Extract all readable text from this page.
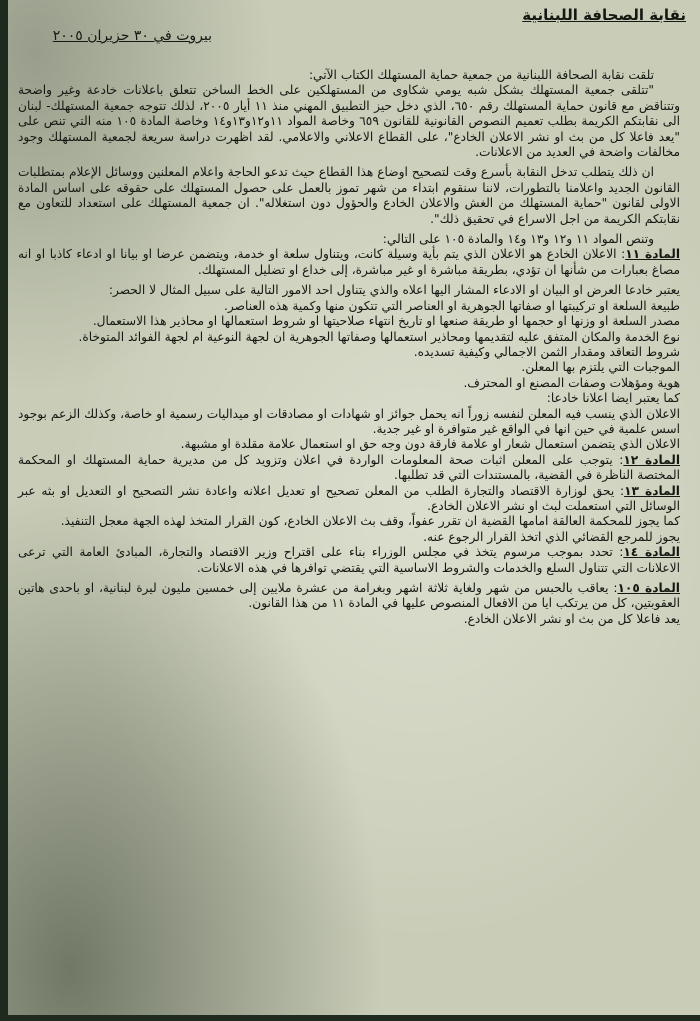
نقابة الصحافة اللبنانية
بيروت في ٣٠ حزيران ٢٠٠٥

تلقت نقابة الصحافة اللبنانية من جمعية حماية المستهلك الكتاب الآتي:

"تتلقى جمعية المستهلك بشكل شبه يومي شكاوى من المستهلكين على الخط الساخن تتعلق باعلانات خادعة وغير واضحة وتتناقض مع قانون حماية المستهلك رقم ٦٥٠، الذي دخل حيز التطبيق المهني منذ ١١ أيار ٢٠٠٥، لذلك تتوجه جمعية المستهلك- لبنان الى نقابتكم الكريمة بطلب تعميم النصوص القانونية للقانون ٦٥٩ وخاصة المواد ١١و١٢و١٣و١٤ وخاصة المادة ١٠٥ منه التي تنص على "يعد فاعلا كل من بث او نشر الاعلان الخادع"، على القطاع الاعلاني والاعلامي. لقد اظهرت دراسة سريعة لجمعية المستهلك وجود مخالفات واضحة في العديد من الاعلانات.

ان ذلك يتطلب تدخل النقابة بأسرع وقت لتصحيح اوضاع هذا القطاع حيث تدعو الحاجة واعلام المعلنين ووسائل الإعلام بمتطلبات القانون الجديد واعلامنا بالتطورات، لاننا سنقوم ابتداء من شهر تموز بالعمل على حصول المستهلك على حقوقه على اساس المادة الاولى لقانون "حماية المستهلك من الغش والاعلان الخادع والحؤول دون استغلاله". ان جمعية المستهلك على استعداد للتعاون مع نقابتكم الكريمة من اجل الاسراع في تحقيق ذلك".

وتنص المواد ١١ و١٢ و١٣ و١٤ والمادة ١٠٥ على التالي:

المادة ١١: الاعلان الخادع هو الاعلان الذي يتم بأية وسيلة كانت، ويتناول سلعة او خدمة، ويتضمن عرضا او بيانا او ادعاء كاذبا او انه مصاغ بعبارات من شأنها ان تؤدي، بطريقة مباشرة او غير مباشرة، إلى خداع او تضليل المستهلك.

يعتبر خادعا العرض او البيان او الادعاء المشار اليها اعلاه والذي يتناول احد الامور التالية على سبيل المثال لا الحصر:

طبيعة السلعة او تركيبتها او صفاتها الجوهرية او العناصر التي تتكون منها وكمية هذه العناصر.

مصدر السلعة او وزنها او حجمها او طريقة صنعها او تاريخ انتهاء صلاحيتها او شروط استعمالها او محاذير هذا الاستعمال.

نوع الخدمة والمكان المتفق عليه لتقديمها ومحاذير استعمالها وصفاتها الجوهرية ان لجهة النوعية ام لجهة الفوائد المتوخاة.

شروط التعاقد ومقدار الثمن الاجمالي وكيفية تسديده.

الموجبات التي يلتزم بها المعلن.

هوية ومؤهلات وصفات المصنع او المحترف.

كما يعتبر ايضا اعلانا خادعا:

الاعلان الذي ينسب فيه المعلن لنفسه زوراً انه يحمل جوائز او شهادات او مصادقات او ميداليات رسمية او خاصة، وكذلك الزعم بوجود اسس علمية في حين انها في الواقع غير متوافرة او غير جدية.

الاعلان الذي يتضمن استعمال شعار او علامة فارقة دون وجه حق او استعمال علامة مقلدة او مشبهة.

المادة ١٢: يتوجب على المعلن اثبات صحة المعلومات الواردة في اعلان وتزويد كل من مديرية حماية المستهلك او المحكمة المختصة الناظرة في القضية، بالمستندات التي قد تطلبها.

المادة ١٣: يحق لوزارة الاقتصاد والتجارة الطلب من المعلن تصحيح او تعديل اعلانه واعادة نشر التصحيح او التعديل او بثه عبر الوسائل التي استعملت لبث او نشر الاعلان الخادع.

كما يجوز للمحكمة العالقة امامها القضية ان تقرر عفواً، وقف بث الاعلان الخادع، كون القرار المتخذ لهذه الجهة معجل التنفيذ.

يجوز للمرجع القضائي الذي اتخذ القرار الرجوع عنه.

المادة ١٤: تحدد بموجب مرسوم يتخذ في مجلس الوزراء بناء على اقتراح وزير الاقتصاد والتجارة، المبادئ العامة التي ترعى الاعلانات التي تتناول السلع والخدمات والشروط الاساسية التي يقتضي توافرها في هذه الاعلانات.

المادة ١٠٥: يعاقب بالحبس من شهر ولغاية ثلاثة اشهر وبغرامة من عشرة ملايين إلى خمسين مليون ليرة لبنانية، او باحدى هاتين العقوبتين، كل من يرتكب ايا من الافعال المنصوص عليها في المادة ١١ من هذا القانون.

يعد فاعلا كل من بث او نشر الاعلان الخادع.
